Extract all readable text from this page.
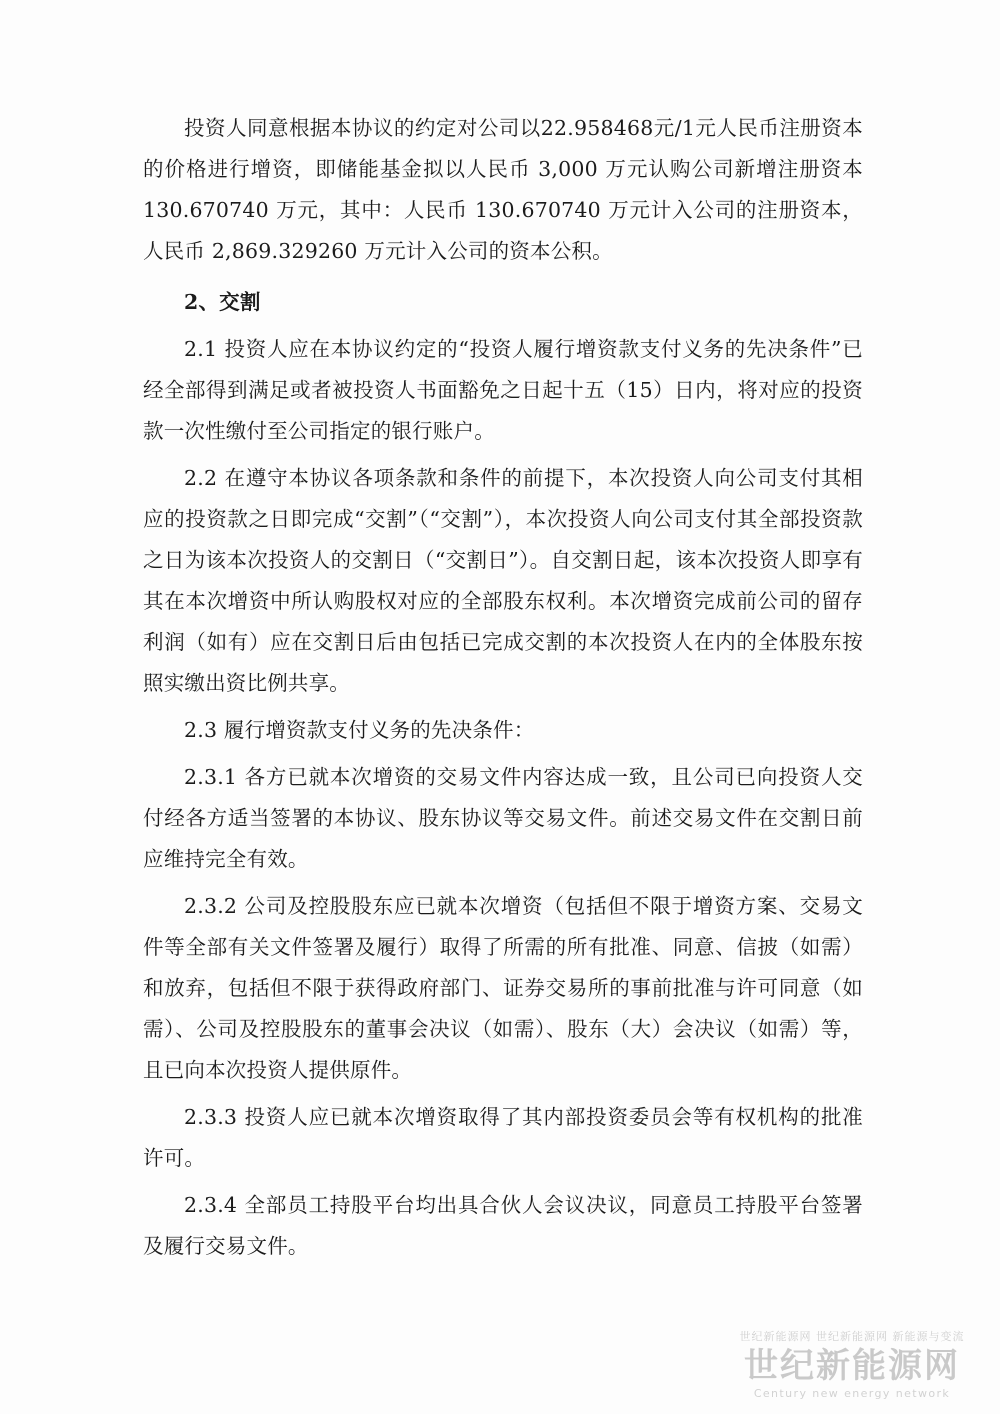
投资人同意根据本协议的约定对公司以22.958468元/1元人民币注册资本的价格进行增资，即储能基金拟以人民币 3,000 万元认购公司新增注册资本130.670740 万元，其中：人民币 130.670740 万元计入公司的注册资本，人民币 2,869.329260 万元计入公司的资本公积。

2、交割

2.1 投资人应在本协议约定的“投资人履行增资款支付义务的先决条件”已经全部得到满足或者被投资人书面豁免之日起十五（15）日内，将对应的投资款一次性缴付至公司指定的银行账户。

2.2 在遵守本协议各项条款和条件的前提下，本次投资人向公司支付其相应的投资款之日即完成“交割”（“交割”），本次投资人向公司支付其全部投资款之日为该本次投资人的交割日（“交割日”）。自交割日起，该本次投资人即享有其在本次增资中所认购股权对应的全部股东权利。本次增资完成前公司的留存利润（如有）应在交割日后由包括已完成交割的本次投资人在内的全体股东按照实缴出资比例共享。

2.3 履行增资款支付义务的先决条件：

2.3.1 各方已就本次增资的交易文件内容达成一致，且公司已向投资人交付经各方适当签署的本协议、股东协议等交易文件。前述交易文件在交割日前应维持完全有效。

2.3.2 公司及控股股东应已就本次增资（包括但不限于增资方案、交易文件等全部有关文件签署及履行）取得了所需的所有批准、同意、信披（如需）和放弃，包括但不限于获得政府部门、证券交易所的事前批准与许可同意（如需）、公司及控股股东的董事会决议（如需）、股东（大）会决议（如需）等，且已向本次投资人提供原件。

2.3.3 投资人应已就本次增资取得了其内部投资委员会等有权机构的批准许可。

2.3.4 全部员工持股平台均出具合伙人会议决议，同意员工持股平台签署及履行交易文件。

世纪新能源网 世纪新能源网 新能源与变流
世纪新能源网
Century new energy network
